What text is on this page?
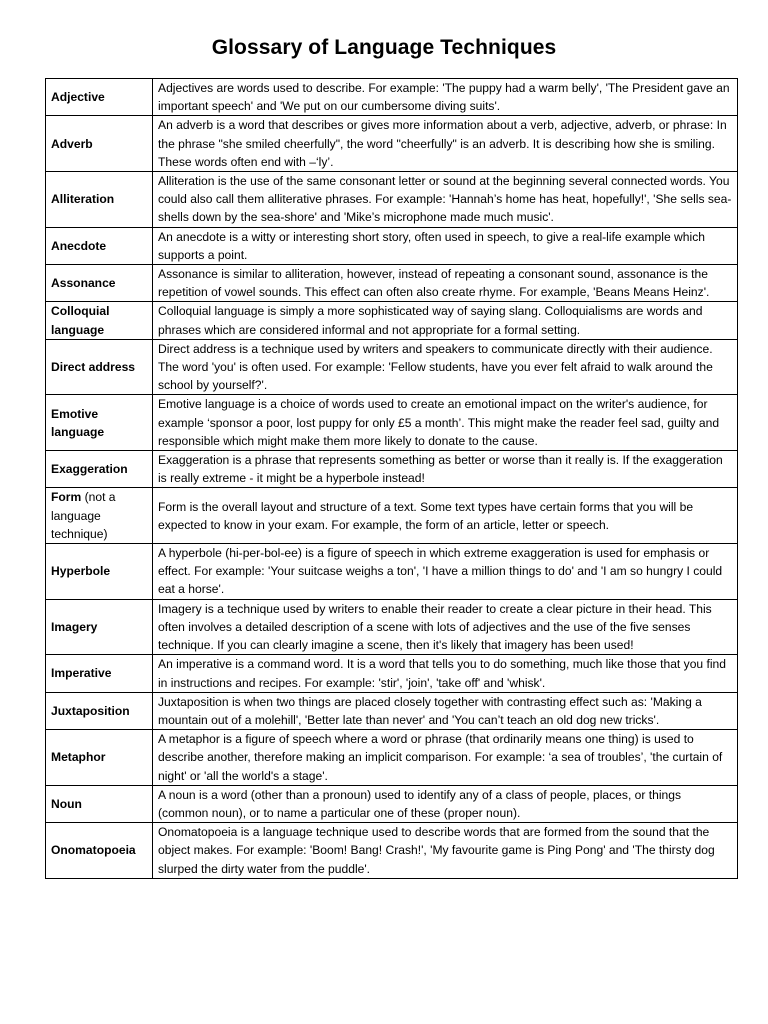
Glossary of Language Techniques
Adjective	Adjectives are words used to describe. For example: 'The puppy had a warm belly', 'The President gave an important speech' and 'We put on our cumbersome diving suits'.
Adverb	An adverb is a word that describes or gives more information about a verb, adjective, adverb, or phrase: In the phrase "she smiled cheerfully", the word "cheerfully" is an adverb. It is describing how she is smiling. These words often end with –‘ly’.
Alliteration	Alliteration is the use of the same consonant letter or sound at the beginning several connected words. You could also call them alliterative phrases. For example: 'Hannah’s home has heat, hopefully!', 'She sells sea-shells down by the sea-shore' and 'Mike’s microphone made much music'.
Anecdote	An anecdote is a witty or interesting short story, often used in speech, to give a real-life example which supports a point.
Assonance	Assonance is similar to alliteration, however, instead of repeating a consonant sound, assonance is the repetition of vowel sounds. This effect can often also create rhyme. For example, 'Beans Means Heinz'.
Colloquial language	Colloquial language is simply a more sophisticated way of saying slang. Colloquialisms are words and phrases which are considered informal and not appropriate for a formal setting.
Direct address	Direct address is a technique used by writers and speakers to communicate directly with their audience. The word 'you' is often used. For example: 'Fellow students, have you ever felt afraid to walk around the school by yourself?'.
Emotive language	Emotive language is a choice of words used to create an emotional impact on the writer's audience, for example ‘sponsor a poor, lost puppy for only £5 a month’. This might make the reader feel sad, guilty and responsible which might make them more likely to donate to the cause.
Exaggeration	Exaggeration is a phrase that represents something as better or worse than it really is. If the exaggeration is really extreme - it might be a hyperbole instead!
Form (not a language technique)	Form is the overall layout and structure of a text. Some text types have certain forms that you will be expected to know in your exam. For example, the form of an article, letter or speech.
Hyperbole	A hyperbole (hi-per-bol-ee) is a figure of speech in which extreme exaggeration is used for emphasis or effect. For example: 'Your suitcase weighs a ton', 'I have a million things to do' and 'I am so hungry I could eat a horse'.
Imagery	Imagery is a technique used by writers to enable their reader to create a clear picture in their head. This often involves a detailed description of a scene with lots of adjectives and the use of the five senses technique. If you can clearly imagine a scene, then it's likely that imagery has been used!
Imperative	An imperative is a command word. It is a word that tells you to do something, much like those that you find in instructions and recipes. For example: 'stir', 'join', 'take off' and 'whisk'.
Juxtaposition	Juxtaposition is when two things are placed closely together with contrasting effect such as: 'Making a mountain out of a molehill', 'Better late than never' and 'You can’t teach an old dog new tricks'.
Metaphor	A metaphor is a figure of speech where a word or phrase (that ordinarily means one thing) is used to describe another, therefore making an implicit comparison. For example: ‘a sea of troubles’, 'the curtain of night' or 'all the world's a stage'.
Noun	A noun is a word (other than a pronoun) used to identify any of a class of people, places, or things (common noun), or to name a particular one of these (proper noun).
Onomatopoeia	Onomatopoeia is a language technique used to describe words that are formed from the sound that the object makes. For example: 'Boom! Bang! Crash!', 'My favourite game is Ping Pong' and 'The thirsty dog slurped the dirty water from the puddle'.
